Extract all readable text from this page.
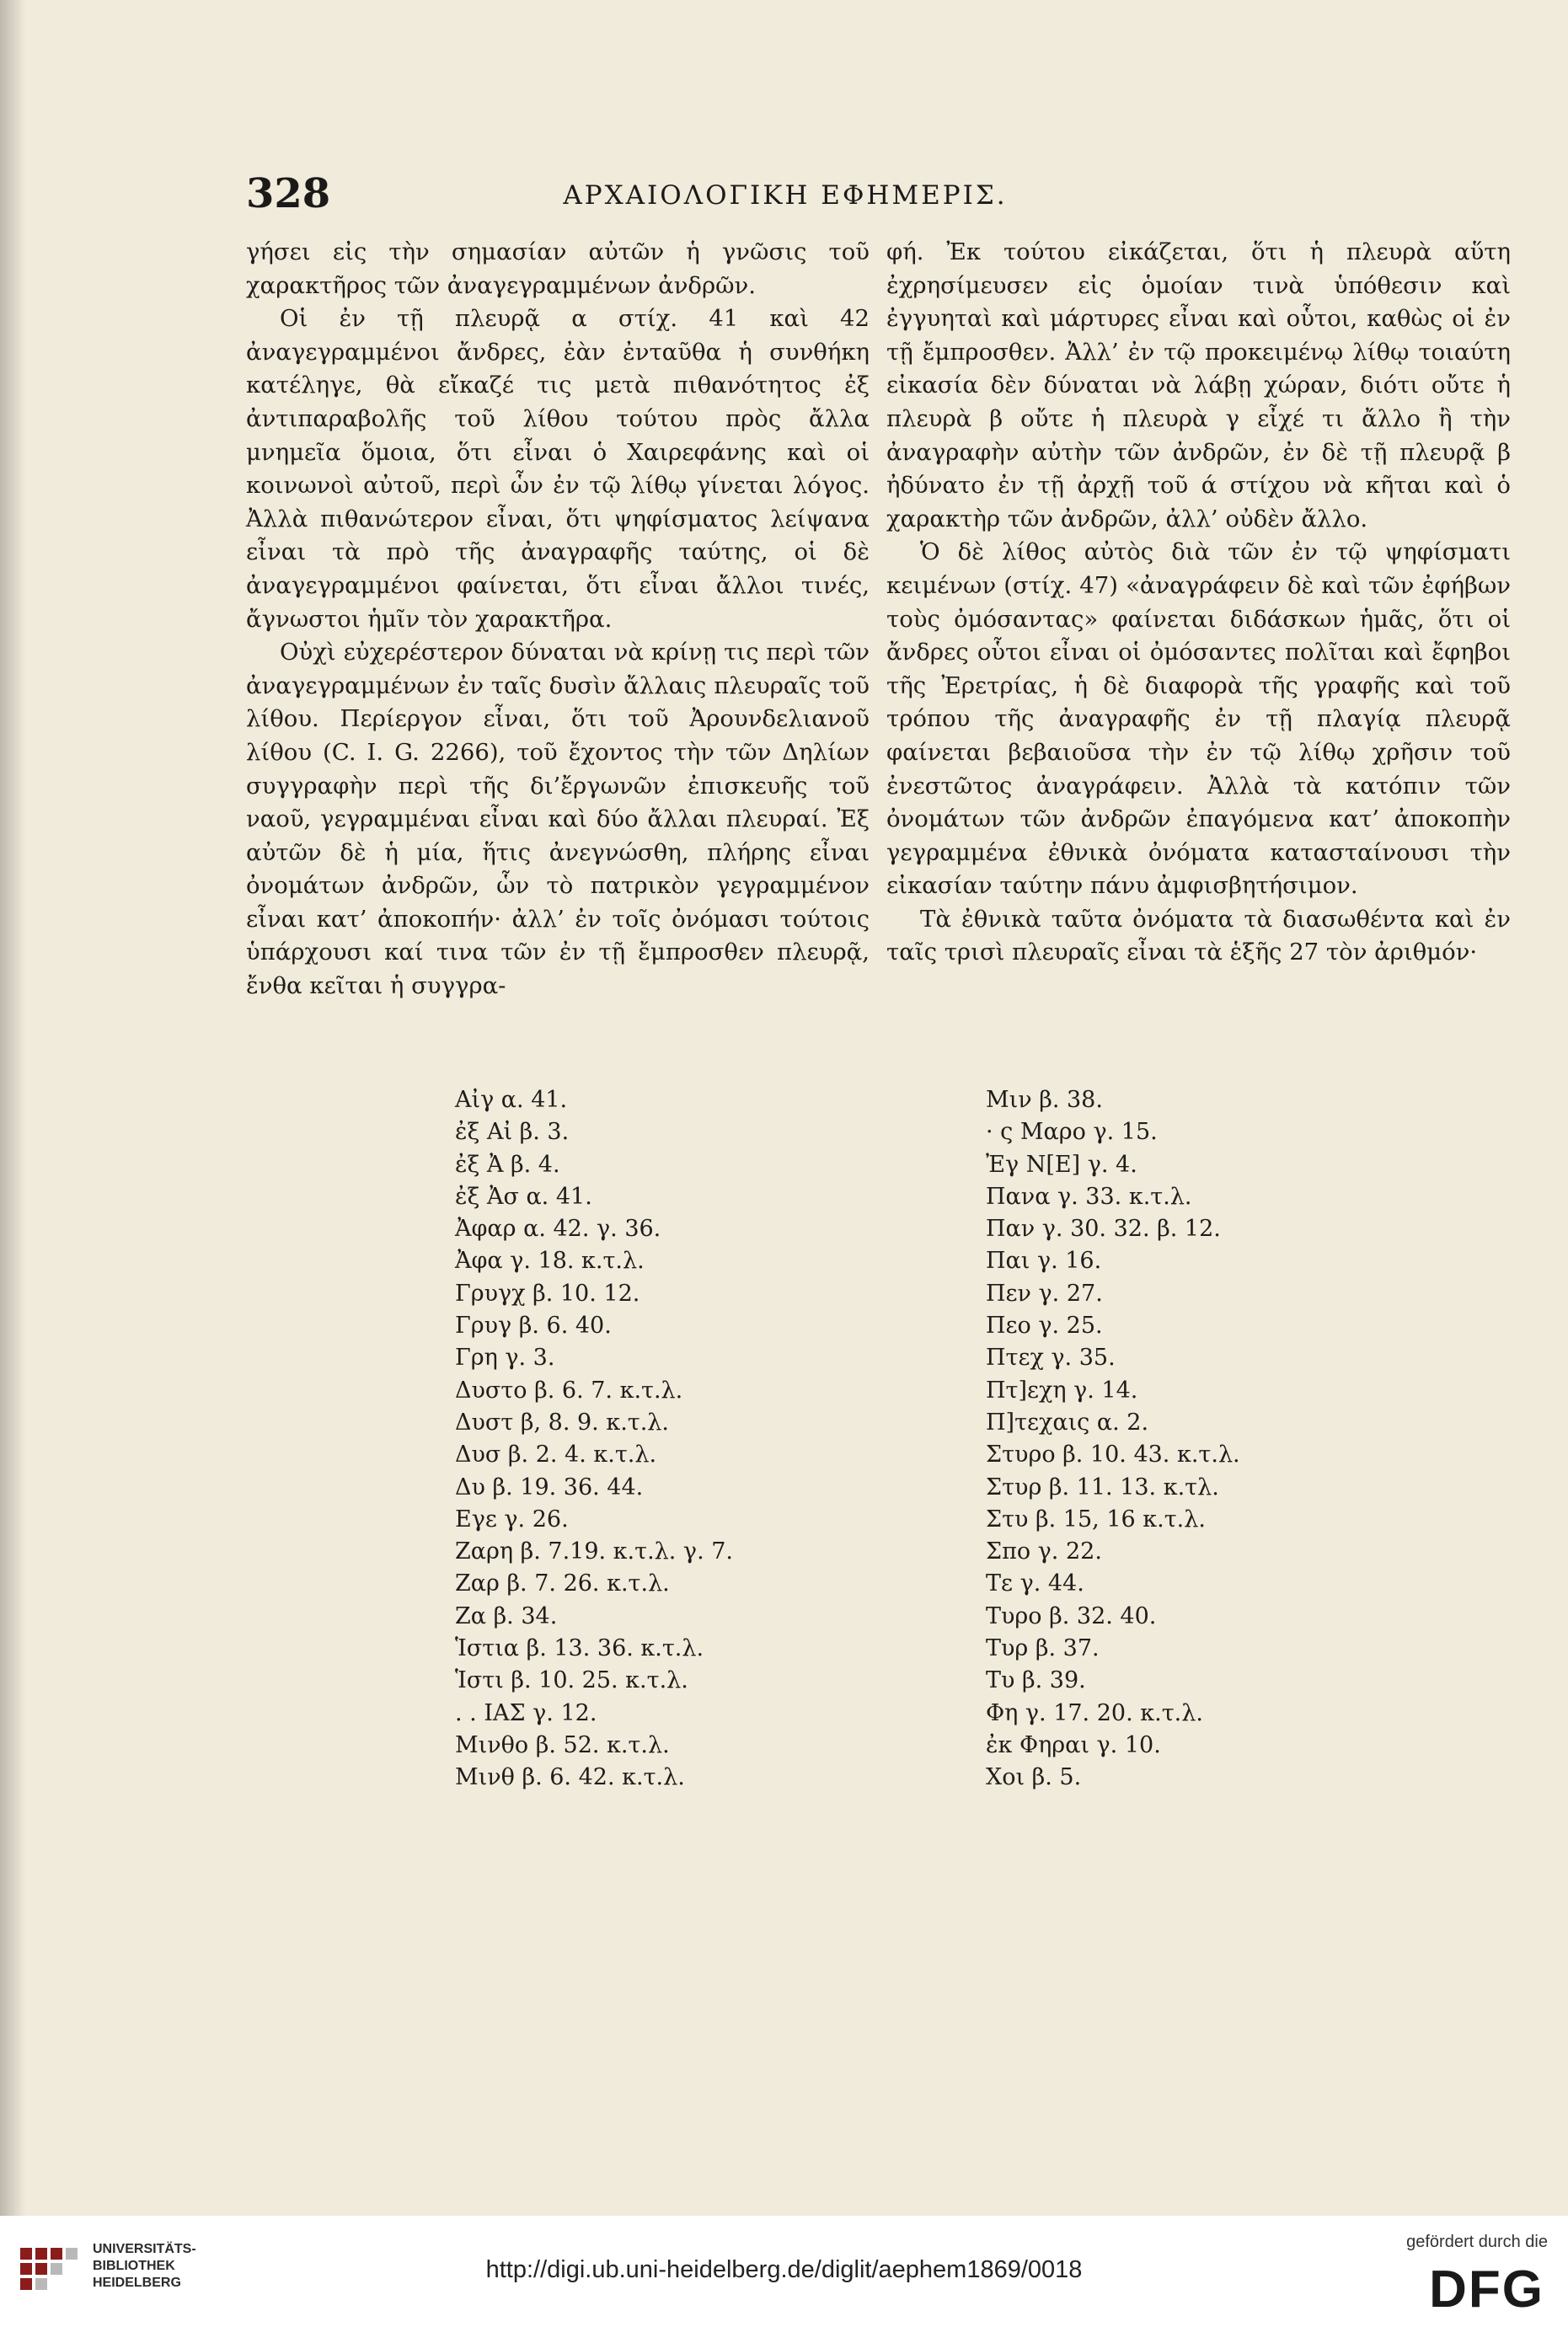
328	ΑΡΧΑΙΟΛΟΓΙΚΗ ΕΦΗΜΕΡΙΣ.

γήσει εἰς τὴν σημασίαν αὐτῶν ἡ γνῶσις τοῦ χαρακτῆρος τῶν ἀναγεγραμμένων ἀνδρῶν.

Οἱ ἐν τῇ πλευρᾷ α στίχ. 41 καὶ 42 ἀναγεγραμμένοι ἄνδρες, ἐὰν ἐνταῦθα ἡ συνθήκη κατέληγε, θὰ εἴκαζέ τις μετὰ πιθανότητος ἐξ ἀντιπαραβολῆς τοῦ λίθου τούτου πρὸς ἄλλα μνημεῖα ὅμοια, ὅτι εἶναι ὁ Χαιρεφάνης καὶ οἱ κοινωνοὶ αὐτοῦ, περὶ ὧν ἐν τῷ λίθῳ γίνεται λόγος. Ἀλλὰ πιθανώτερον εἶναι, ὅτι ψηφίσματος λείψανα εἶναι τὰ πρὸ τῆς ἀναγραφῆς ταύτης, οἱ δὲ ἀναγεγραμμένοι φαίνεται, ὅτι εἶναι ἄλλοι τινές, ἄγνωστοι ἡμῖν τὸν χαρακτῆρα.

Οὐχὶ εὐχερέστερον δύναται νὰ κρίνῃ τις περὶ τῶν ἀναγεγραμμένων ἐν ταῖς δυσὶν ἄλλαις πλευραῖς τοῦ λίθου. Περίεργον εἶναι, ὅτι τοῦ Ἀρουνδελιανοῦ λίθου (C. I. G. 2266), τοῦ ἔχοντος τὴν τῶν Δηλίων συγγραφὴν περὶ τῆς δι’ἔργωνῶν ἐπισκευῆς τοῦ ναοῦ, γεγραμμέναι εἶναι καὶ δύο ἄλλαι πλευραί. Ἐξ αὐτῶν δὲ ἡ μία, ἥτις ἀνεγνώσθη, πλήρης εἶναι ὀνομάτων ἀνδρῶν, ὧν τὸ πατρικὸν γεγραμμένον εἶναι κατ’ ἀποκοπήν· ἀλλ’ ἐν τοῖς ὀνόμασι τούτοις ὑπάρχουσι καί τινα τῶν ἐν τῇ ἔμπροσθεν πλευρᾷ, ἔνθα κεῖται ἡ συγγρα-

φή. Ἐκ τούτου εἰκάζεται, ὅτι ἡ πλευρὰ αὕτη ἐχρησίμευσεν εἰς ὁμοίαν τινὰ ὑπόθεσιν καὶ ἐγγυηταὶ καὶ μάρτυρες εἶναι καὶ οὗτοι, καθὼς οἱ ἐν τῇ ἔμπροσθεν. Ἀλλ’ ἐν τῷ προκειμένῳ λίθῳ τοιαύτη εἰκασία δὲν δύναται νὰ λάβῃ χώραν, διότι οὔτε ἡ πλευρὰ β οὔτε ἡ πλευρὰ γ εἶχέ τι ἄλλο ἢ τὴν ἀναγραφὴν αὐτὴν τῶν ἀνδρῶν, ἐν δὲ τῇ πλευρᾷ β ἠδύνατο ἐν τῇ ἀρχῇ τοῦ ά στίχου νὰ κῆται καὶ ὁ χαρακτὴρ τῶν ἀνδρῶν, ἀλλ’ οὐδὲν ἄλλο.

Ὁ δὲ λίθος αὐτὸς διὰ τῶν ἐν τῷ ψηφίσματι κειμένων (στίχ. 47) «ἀναγράφειν δὲ καὶ τῶν ἐφήβων τοὺς ὀμόσαντας» φαίνεται διδάσκων ἡμᾶς, ὅτι οἱ ἄνδρες οὗτοι εἶναι οἱ ὀμόσαντες πολῖται καὶ ἔφηβοι τῆς Ἐρετρίας, ἡ δὲ διαφορὰ τῆς γραφῆς καὶ τοῦ τρόπου τῆς ἀναγραφῆς ἐν τῇ πλαγίᾳ πλευρᾷ φαίνεται βεβαιοῦσα τὴν ἐν τῷ λίθῳ χρῆσιν τοῦ ἐνεστῶτος ἀναγράφειν. Ἀλλὰ τὰ κατόπιν τῶν ὀνομάτων τῶν ἀνδρῶν ἐπαγόμενα κατ’ ἀποκοπὴν γεγραμμένα ἐθνικὰ ὀνόματα κατασταίνουσι τὴν εἰκασίαν ταύτην πάνυ ἀμφισβητήσιμον.

Τὰ ἐθνικὰ ταῦτα ὀνόματα τὰ διασωθέντα καὶ ἐν ταῖς τρισὶ πλευραῖς εἶναι τὰ ἑξῆς 27 τὸν ἀριθμόν·

Αἰγ α. 41.
ἐξ Αἰ β. 3.
ἐξ Ἀ β. 4.
ἐξ Ἀσ α. 41.
Ἀφαρ α. 42. γ. 36.
Ἀφα γ. 18. κ.τ.λ.
Γρυγχ β. 10. 12.
Γρυγ β. 6. 40.
Γρη γ. 3.
Δυστο β. 6. 7. κ.τ.λ.
Δυστ β, 8. 9. κ.τ.λ.
Δυσ β. 2. 4. κ.τ.λ.
Δυ β. 19. 36. 44.
Εγε γ. 26.
Ζαρη β. 7.19. κ.τ.λ. γ. 7.
Ζαρ β. 7. 26. κ.τ.λ.
Ζα β. 34.
Ἱστια β. 13. 36. κ.τ.λ.
Ἱστι β. 10. 25. κ.τ.λ.
. . ΙΑΣ γ. 12.
Μινθο β. 52. κ.τ.λ.
Μινθ β. 6. 42. κ.τ.λ.
Μιν β. 38.
· ς Μαρο γ. 15.
Ἐγ Ν[Ε] γ. 4.
Πανα γ. 33. κ.τ.λ.
Παν γ. 30. 32. β. 12.
Παι γ. 16.
Πεν γ. 27.
Πεο γ. 25.
Πτεχ γ. 35.
Πτ]εχη γ. 14.
Π]τεχαις α. 2.
Στυρο β. 10. 43. κ.τ.λ.
Στυρ β. 11. 13. κ.τλ.
Στυ β. 15, 16 κ.τ.λ.
Σπο γ. 22.
Τε γ. 44.
Τυρο β. 32. 40.
Τυρ β. 37.
Τυ β. 39.
Φη γ. 17. 20. κ.τ.λ.
ἐκ Φηραι γ. 10.
Χοι β. 5.
UNIVERSITÄTS-
BIBLIOTHEK
HEIDELBERG	http://digi.ub.uni-heidelberg.de/diglit/aephem1869/0018
gefördert durch die
DFG
